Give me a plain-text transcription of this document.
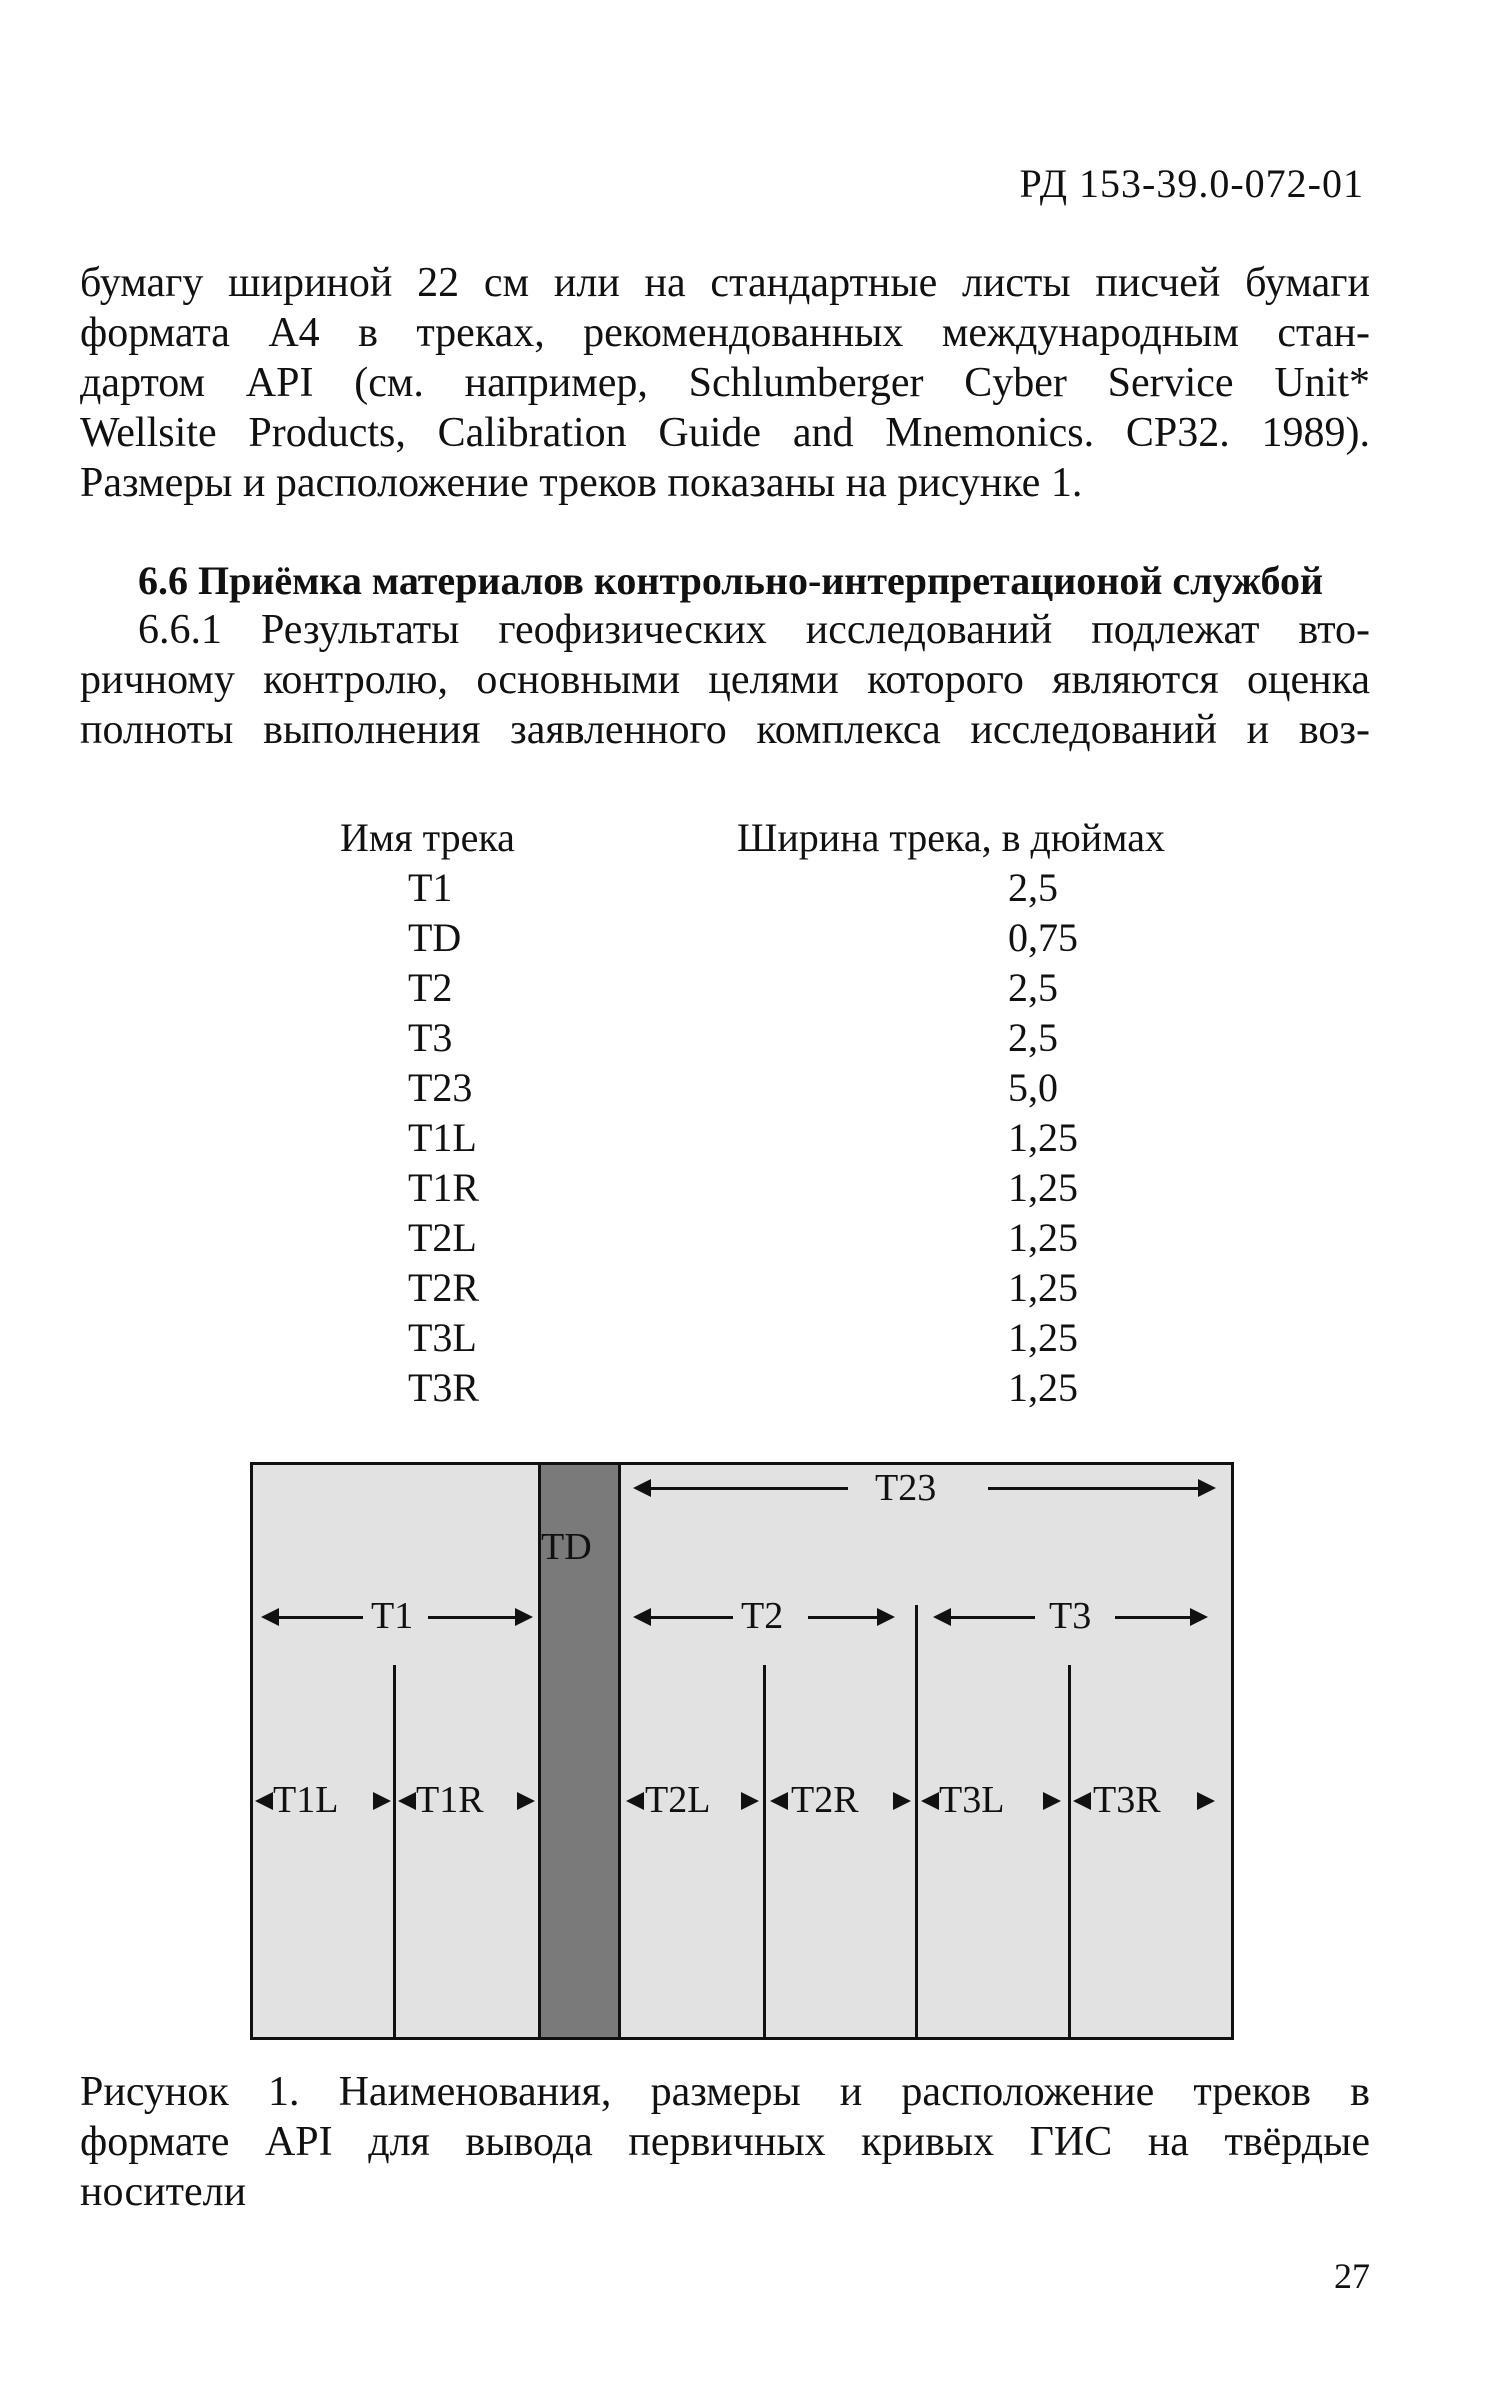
РД 153-39.0-072-01
бумагу шириной 22 см или на стандартные листы писчей бумаги
формата А4 в треках, рекомендованных международным стан-
дартом API (см. например, Schlumberger Cyber Service Unit*
Wellsite Products, Calibration Guide and Mnemonics. CP32. 1989).
Размеры и расположение треков показаны на рисунке 1.
6.6 Приёмка материалов контрольно-интерпретационой службой
6.6.1 Результаты геофизических исследований подлежат вто-
ричному контролю, основными целями которого являются оценка
полноты выполнения заявленного комплекса исследований и воз-
Имя трека	Ширина трека, в дюймах
T1	2,5
TD	0,75
T2	2,5
T3	2,5
T23	5,0
T1L	1,25
T1R	1,25
T2L	1,25
T2R	1,25
T3L	1,25
T3R	1,25
T23
TD
T1	T2	T3
T1L T1R	T2L T2R T3L T3R
Рисунок 1. Наименования, размеры и расположение треков в
формате API для вывода первичных кривых ГИС на твёрдые
носители
27
